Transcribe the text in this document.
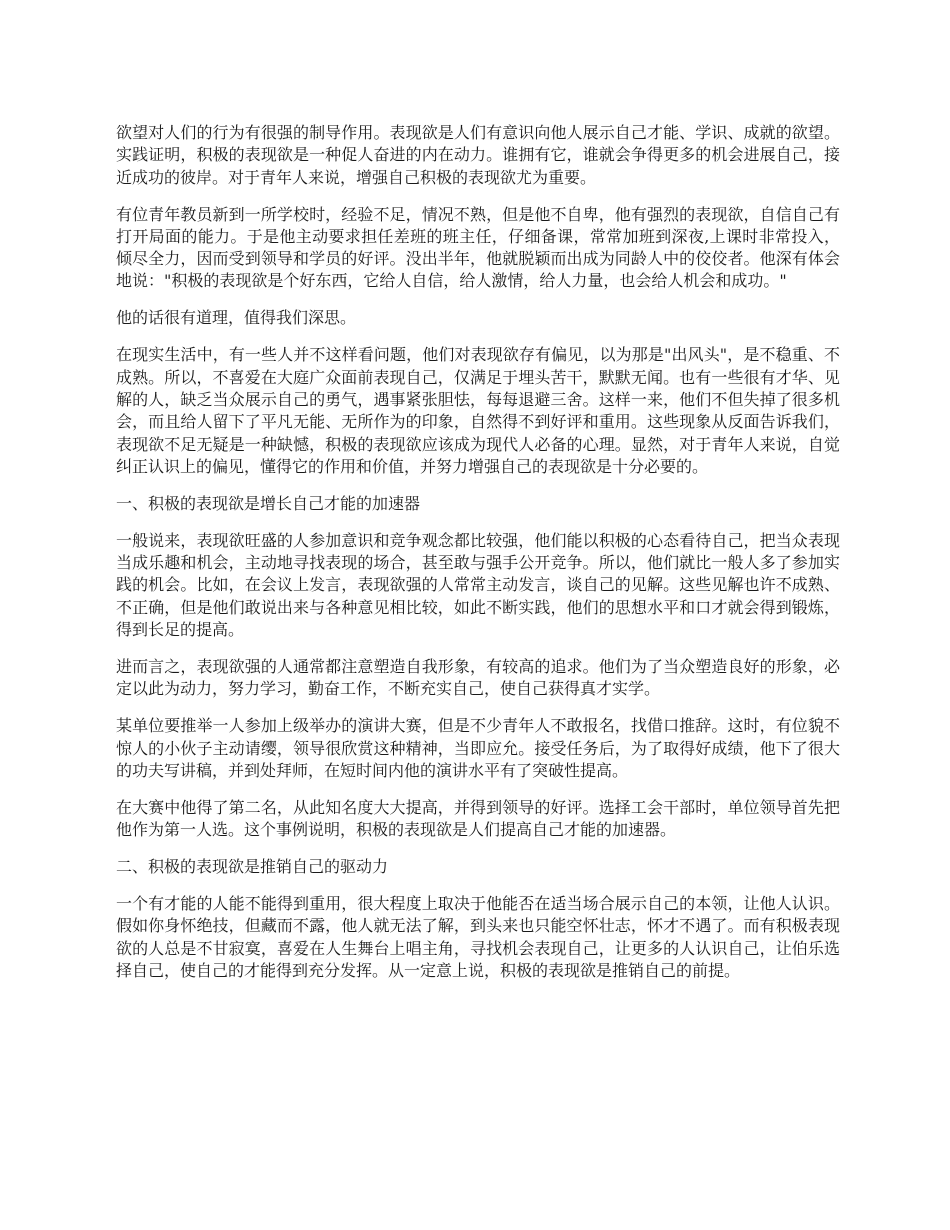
欲望对人们的行为有很强的制导作用。表现欲是人们有意识向他人展示自己才能、学识、成就的欲望。实践证明，积极的表现欲是一种促人奋进的内在动力。谁拥有它，谁就会争得更多的机会进展自己，接近成功的彼岸。对于青年人来说，增强自己积极的表现欲尤为重要。

有位青年教员新到一所学校时，经验不足，情况不熟，但是他不自卑，他有强烈的表现欲，自信自己有打开局面的能力。于是他主动要求担任差班的班主任，仔细备课，常常加班到深夜,上课时非常投入，倾尽全力，因而受到领导和学员的好评。没出半年，他就脱颖而出成为同龄人中的佼佼者。他深有体会地说："积极的表现欲是个好东西，它给人自信，给人激情，给人力量，也会给人机会和成功。"

他的话很有道理，值得我们深思。

在现实生活中，有一些人并不这样看问题，他们对表现欲存有偏见，以为那是"出风头"，是不稳重、不成熟。所以，不喜爱在大庭广众面前表现自己，仅满足于埋头苦干，默默无闻。也有一些很有才华、见解的人，缺乏当众展示自己的勇气，遇事紧张胆怯，每每退避三舍。这样一来，他们不但失掉了很多机会，而且给人留下了平凡无能、无所作为的印象，自然得不到好评和重用。这些现象从反面告诉我们，表现欲不足无疑是一种缺憾，积极的表现欲应该成为现代人必备的心理。显然，对于青年人来说，自觉纠正认识上的偏见，懂得它的作用和价值，并努力增强自己的表现欲是十分必要的。

一、积极的表现欲是增长自己才能的加速器

一般说来，表现欲旺盛的人参加意识和竞争观念都比较强，他们能以积极的心态看待自己，把当众表现当成乐趣和机会，主动地寻找表现的场合，甚至敢与强手公开竞争。所以，他们就比一般人多了参加实践的机会。比如，在会议上发言，表现欲强的人常常主动发言，谈自己的见解。这些见解也许不成熟、不正确，但是他们敢说出来与各种意见相比较，如此不断实践，他们的思想水平和口才就会得到锻炼，得到长足的提高。

进而言之，表现欲强的人通常都注意塑造自我形象，有较高的追求。他们为了当众塑造良好的形象，必定以此为动力，努力学习，勤奋工作，不断充实自己，使自己获得真才实学。

某单位要推举一人参加上级举办的演讲大赛，但是不少青年人不敢报名，找借口推辞。这时，有位貌不惊人的小伙子主动请缨，领导很欣赏这种精神，当即应允。接受任务后，为了取得好成绩，他下了很大的功夫写讲稿，并到处拜师，在短时间内他的演讲水平有了突破性提高。

在大赛中他得了第二名，从此知名度大大提高，并得到领导的好评。选择工会干部时，单位领导首先把他作为第一人选。这个事例说明，积极的表现欲是人们提高自己才能的加速器。

二、积极的表现欲是推销自己的驱动力

一个有才能的人能不能得到重用，很大程度上取决于他能否在适当场合展示自己的本领，让他人认识。假如你身怀绝技，但藏而不露，他人就无法了解，到头来也只能空怀壮志，怀才不遇了。而有积极表现欲的人总是不甘寂寞，喜爱在人生舞台上唱主角，寻找机会表现自己，让更多的人认识自己，让伯乐选择自己，使自己的才能得到充分发挥。从一定意上说，积极的表现欲是推销自己的前提。
